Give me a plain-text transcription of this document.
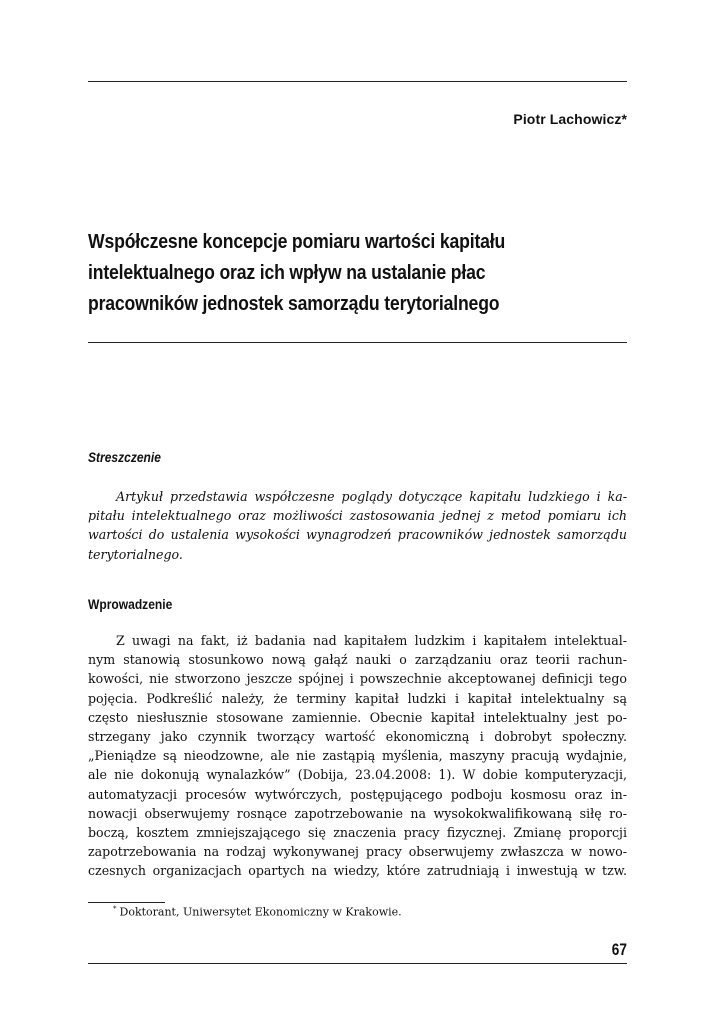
Piotr Lachowicz*
Współczesne koncepcje pomiaru wartości kapitału
intelektualnego oraz ich wpływ na ustalanie płac
pracowników jednostek samorządu terytorialnego
Streszczenie
Artykuł przedstawia współczesne poglądy dotyczące kapitału ludzkiego i ka-
pitału intelektualnego oraz możliwości zastosowania jednej z metod pomiaru ich
wartości do ustalenia wysokości wynagrodzeń pracowników jednostek samorządu
terytorialnego.
Wprowadzenie
Z uwagi na fakt, iż badania nad kapitałem ludzkim i kapitałem intelektual-
nym stanowią stosunkowo nową gałąź nauki o zarządzaniu oraz teorii rachun-
kowości, nie stworzono jeszcze spójnej i powszechnie akceptowanej definicji tego
pojęcia. Podkreślić należy, że terminy kapitał ludzki i kapitał intelektualny są
często niesłusznie stosowane zamiennie. Obecnie kapitał intelektualny jest po-
strzegany jako czynnik tworzący wartość ekonomiczną i dobrobyt społeczny.
„Pieniądze są nieodzowne, ale nie zastąpią myślenia, maszyny pracują wydajnie,
ale nie dokonują wynalazków” (Dobija, 23.04.2008: 1). W dobie komputeryzacji,
automatyzacji procesów wytwórczych, postępującego podboju kosmosu oraz in-
nowacji obserwujemy rosnące zapotrzebowanie na wysokokwalifikowaną siłę ro-
boczą, kosztem zmniejszającego się znaczenia pracy fizycznej. Zmianę proporcji
zapotrzebowania na rodzaj wykonywanej pracy obserwujemy zwłaszcza w nowo-
czesnych organizacjach opartych na wiedzy, które zatrudniają i inwestują w tzw.
* Doktorant, Uniwersytet Ekonomiczny w Krakowie.
67
